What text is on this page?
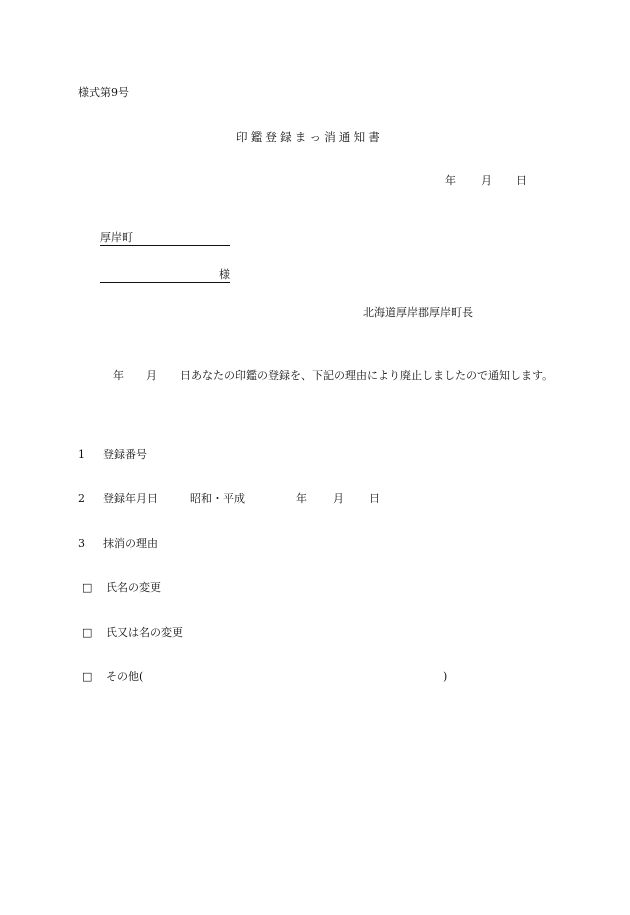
様式第9号
印鑑登録まっ消通知書
年 月 日
厚岸町
様
北海道厚岸郡厚岸町長
年 月 日あなたの印鑑の登録を、下記の理由により廃止しましたので通知します。
1 登録番号
2 登録年月日	昭和・平成	年 月 日
3 抹消の理由
□ 氏名の変更
□ 氏又は名の変更
□ その他(	)
